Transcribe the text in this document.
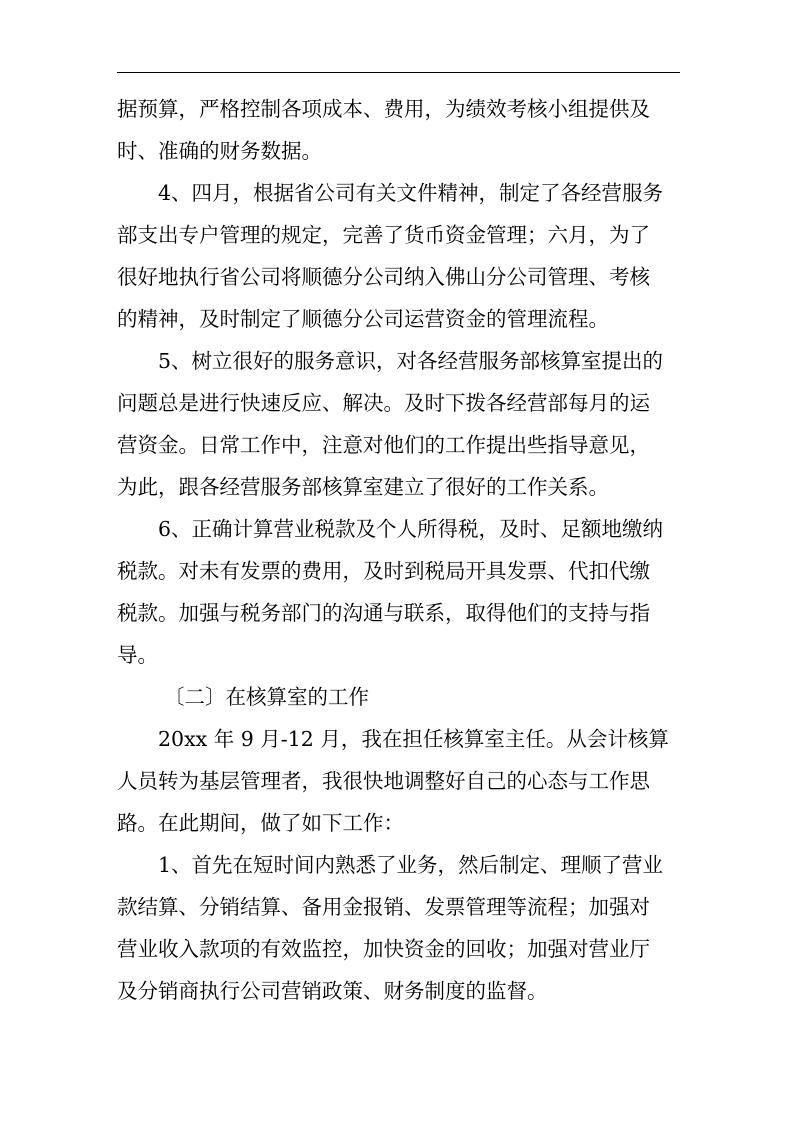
据预算，严格控制各项成本、费用，为绩效考核小组提供及
时、准确的财务数据。
4、四月，根据省公司有关文件精神，制定了各经营服务
部支出专户管理的规定，完善了货币资金管理；六月，为了
很好地执行省公司将顺德分公司纳入佛山分公司管理、考核
的精神，及时制定了顺德分公司运营资金的管理流程。
5、树立很好的服务意识，对各经营服务部核算室提出的
问题总是进行快速反应、解决。及时下拨各经营部每月的运
营资金。日常工作中，注意对他们的工作提出些指导意见，
为此，跟各经营服务部核算室建立了很好的工作关系。
6、正确计算营业税款及个人所得税，及时、足额地缴纳
税款。对未有发票的费用，及时到税局开具发票、代扣代缴
税款。加强与税务部门的沟通与联系，取得他们的支持与指
导。
〔二〕在核算室的工作
20xx 年 9 月-12 月，我在担任核算室主任。从会计核算
人员转为基层管理者，我很快地调整好自己的心态与工作思
路。在此期间，做了如下工作：
1、首先在短时间内熟悉了业务，然后制定、理顺了营业
款结算、分销结算、备用金报销、发票管理等流程；加强对
营业收入款项的有效监控，加快资金的回收；加强对营业厅
及分销商执行公司营销政策、财务制度的监督。
